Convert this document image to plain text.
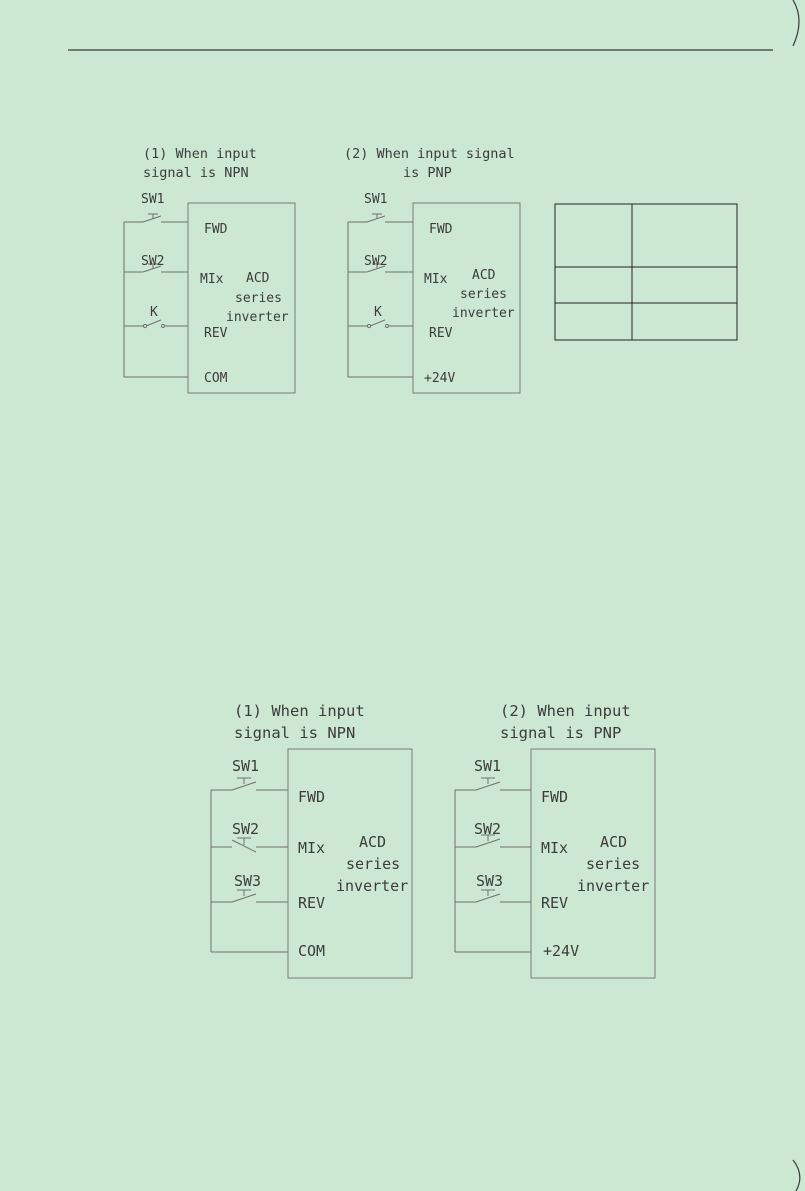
(1) When input
signal is NPN
SW1
SW2
K
FWD
MIx
REV
COM
ACD
series
inverter
(2) When input signal
is PNP
SW1
SW2
K
FWD
MIx
REV
+24V
ACD
series
inverter
(1) When input
signal is NPN
SW1
SW2
SW3
FWD
MIx
REV
COM
ACD
series
inverter
(2) When input
signal is PNP
SW1
SW2
SW3
FWD
MIx
REV
+24V
ACD
series
inverter
